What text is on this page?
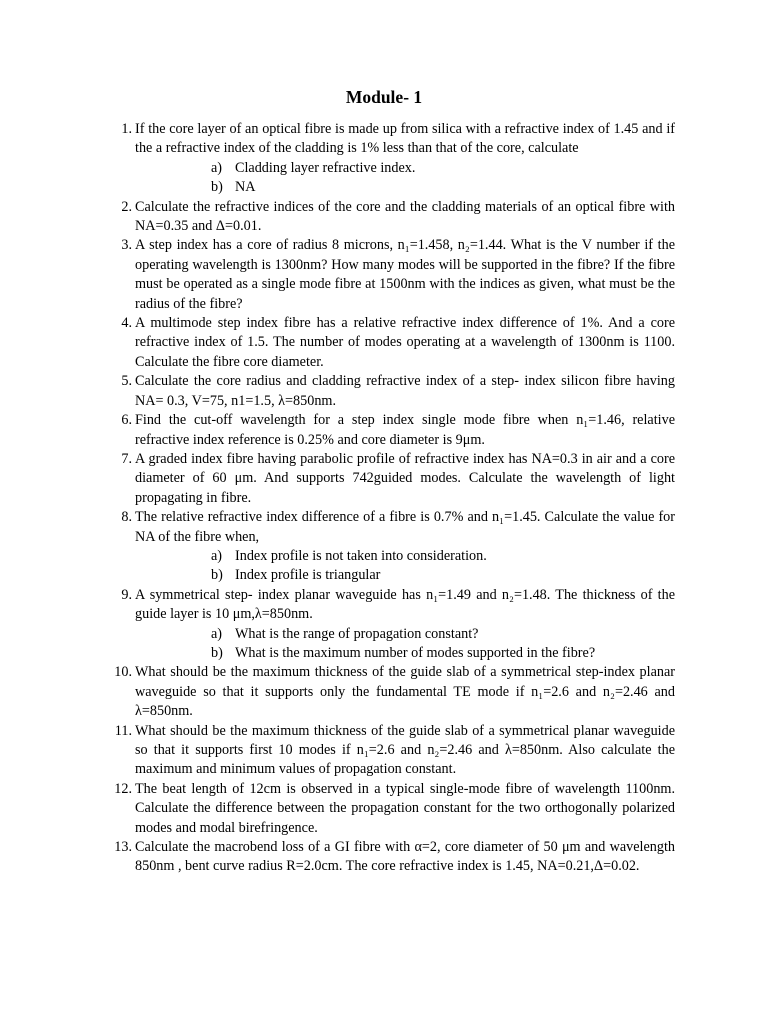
Module- 1
1. If the core layer of an optical fibre is made up from silica with a refractive index of 1.45 and if the a refractive index of the cladding is 1% less than that of the core, calculate
a) Cladding layer refractive index.
b) NA
2. Calculate the refractive indices of the core and the cladding materials of an optical fibre with NA=0.35 and Δ=0.01.
3. A step index has a core of radius 8 microns, n₁=1.458, n₂=1.44. What is the V number if the operating wavelength is 1300nm? How many modes will be supported in the fibre? If the fibre must be operated as a single mode fibre at 1500nm with the indices as given, what must be the radius of the fibre?
4. A multimode step index fibre has a relative refractive index difference of 1%. And a core refractive index of 1.5. The number of modes operating at a wavelength of 1300nm is 1100. Calculate the fibre core diameter.
5. Calculate the core radius and cladding refractive index of a step- index silicon fibre having NA= 0.3, V=75, n1=1.5, λ=850nm.
6. Find the cut-off wavelength for a step index single mode fibre when n₁=1.46, relative refractive index reference is 0.25% and core diameter is 9μm.
7. A graded index fibre having parabolic profile of refractive index has NA=0.3 in air and a core diameter of 60 μm. And supports 742guided modes. Calculate the wavelength of light propagating in fibre.
8. The relative refractive index difference of a fibre is 0.7% and n₁=1.45. Calculate the value for NA of the fibre when,
a) Index profile is not taken into consideration.
b) Index profile is triangular
9. A symmetrical step- index planar waveguide has n₁=1.49 and n₂=1.48. The thickness of the guide layer is 10 μm,λ=850nm.
a) What is the range of propagation constant?
b) What is the maximum number of modes supported in the fibre?
10. What should be the maximum thickness of the guide slab of a symmetrical step-index planar waveguide so that it supports only the fundamental TE mode if n₁=2.6 and n₂=2.46 and λ=850nm.
11. What should be the maximum thickness of the guide slab of a symmetrical planar waveguide so that it supports first 10 modes if n₁=2.6 and n₂=2.46 and λ=850nm. Also calculate the maximum and minimum values of propagation constant.
12. The beat length of 12cm is observed in a typical single-mode fibre of wavelength 1100nm. Calculate the difference between the propagation constant for the two orthogonally polarized modes and modal birefringence.
13. Calculate the macrobend loss of a GI fibre with α=2, core diameter of 50 μm and wavelength 850nm , bent curve radius R=2.0cm. The core refractive index is 1.45, NA=0.21,Δ=0.02.
